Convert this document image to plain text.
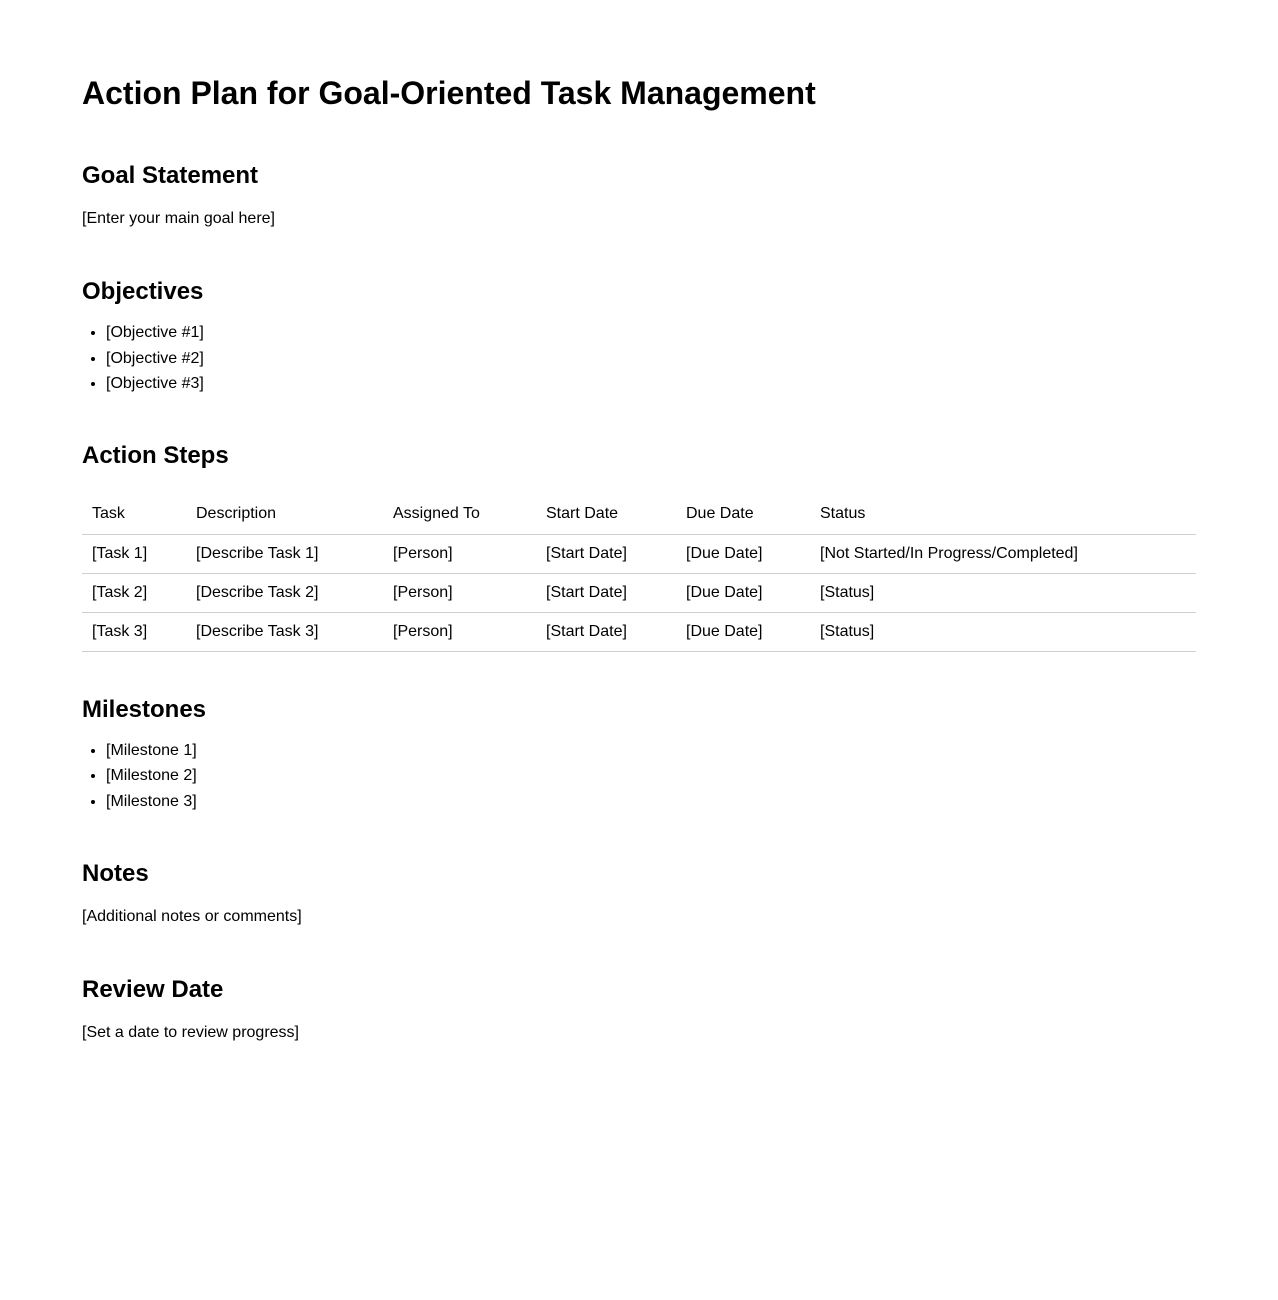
Action Plan for Goal-Oriented Task Management
Goal Statement

[Enter your main goal here]

Objectives
• [Objective #1]
• [Objective #2]
• [Objective #3]
Action Steps
Task	Description	Assigned To	Start Date	Due Date	Status
[Task 1]	[Describe Task 1]	[Person]	[Start Date]	[Due Date]	[Not Started/In Progress/Completed]
[Task 2]	[Describe Task 2]	[Person]	[Start Date]	[Due Date]	[Status]
[Task 3]	[Describe Task 3]	[Person]	[Start Date]	[Due Date]	[Status]
Milestones
• [Milestone 1]
• [Milestone 2]
• [Milestone 3]
Notes

[Additional notes or comments]

Review Date

[Set a date to review progress]
